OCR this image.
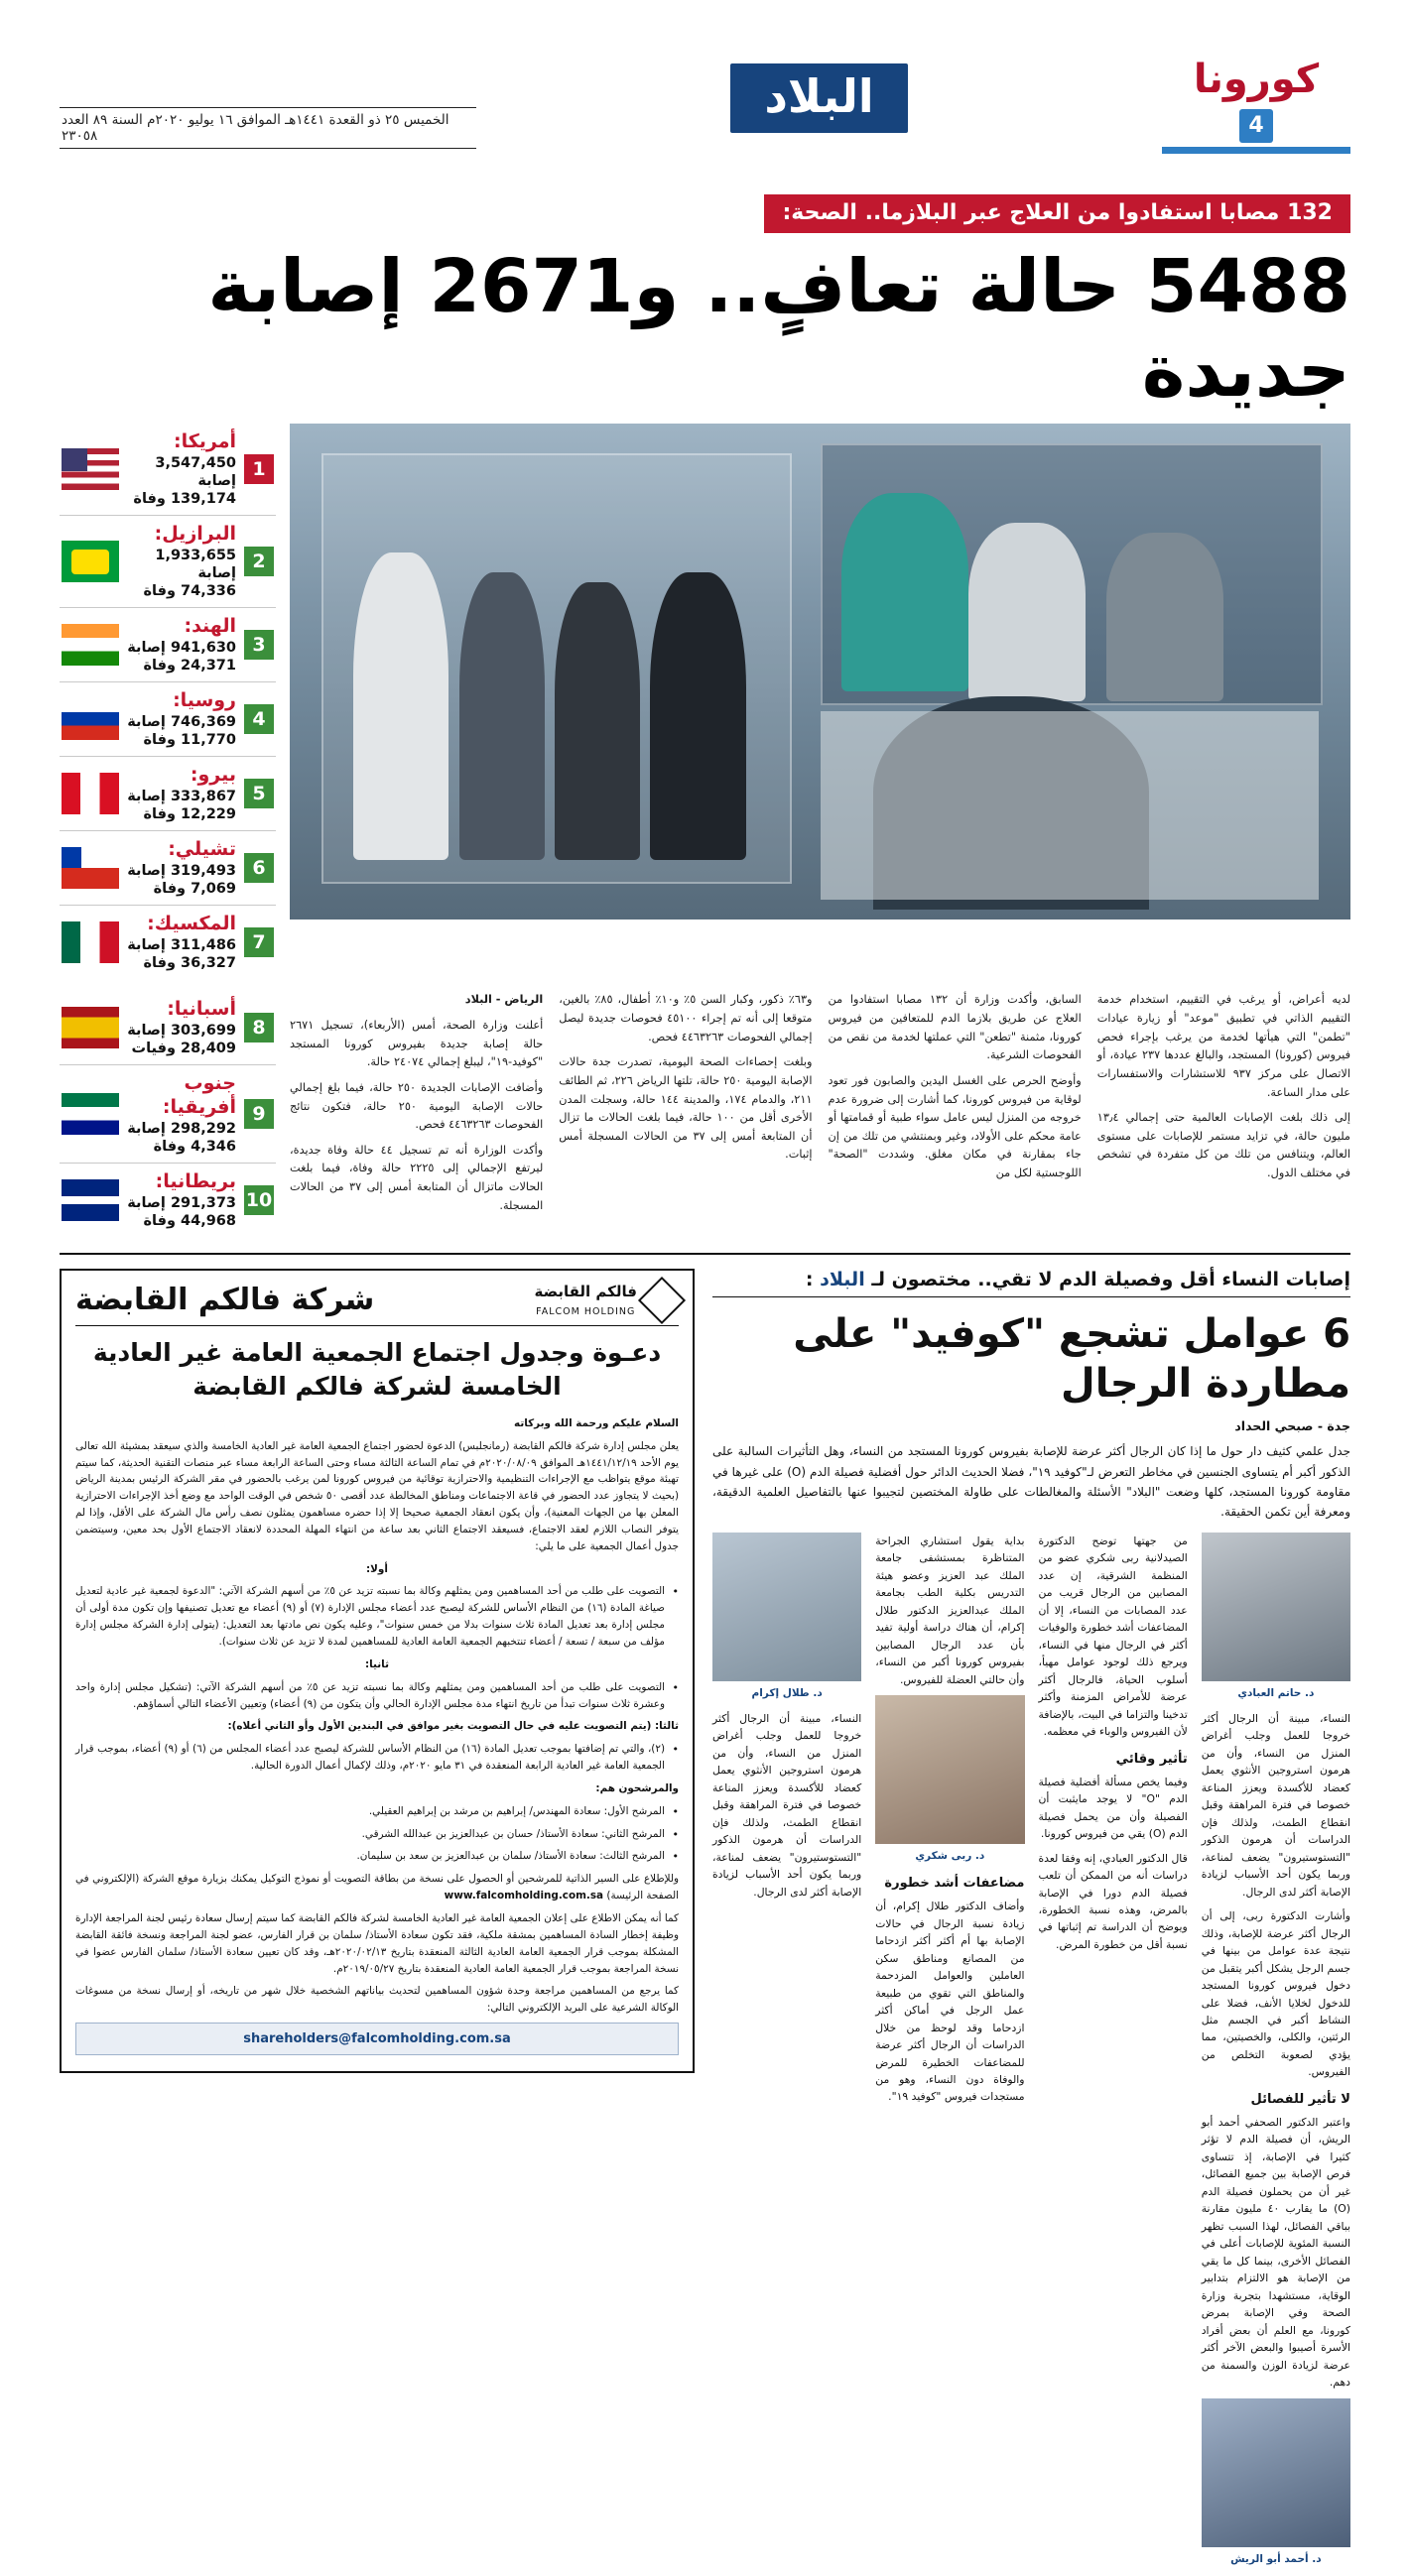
كورونا
4
البلاد
الخميس ٢٥ ذو القعدة ١٤٤١هـ الموافق ١٦ يوليو ٢٠٢٠م السنة ٨٩ العدد ٢٣٠٥٨
132 مصابا استفادوا من العلاج عبر البلازما.. الصحة:
5488 حالة تعافٍ.. و2671 إصابة جديدة
1
أمريكا:
3,547,450 إصابة
139,174 وفاة
2
البرازيل:
1,933,655 إصابة
74,336 وفاة
3
الهند:
941,630 إصابة
24,371 وفاة
4
روسيا:
746,369 إصابة
11,770 وفاة
5
بيرو:
333,867 إصابة
12,229 وفاة
6
تشيلي:
319,493 إصابة
7,069 وفاة
7
المكسيك:
311,486 إصابة
36,327 وفاة

لديه أعراض، أو يرغب في التقييم، استخدام خدمة التقييم الذاتي في تطبيق "موعد" أو زيارة عيادات "تطمن" التي هيأتها لخدمة من يرغب بإجراء فحص فيروس (كورونا) المستجد، والبالغ عددها ٢٣٧ عيادة، أو الاتصال على مركز ٩٣٧ للاستشارات والاستفسارات على مدار الساعة.

إلى ذلك بلغت الإصابات العالمية حتى إجمالي ١٣٫٤ مليون حالة، في تزايد مستمر للإصابات على مستوى العالم، ويتنافس من تلك من كل متفردة في تشخص في مختلف الدول.

السابق، وأكدت وزارة أن ١٣٢ مصابا استفادوا من العلاج عن طريق بلازما الدم للمتعافين من فيروس كورونا، مثمنة "تطعن" التي عملتها لخدمة من نقص من الفحوصات الشرعية.

وأوضح الحرص على الغسل اليدين والصابون فور تعود لوقاية من فيروس كورونا، كما أشارت إلى ضرورة عدم خروجه من المنزل ليس عامل سواء طبية أو قمامتها أو عامة محكم على الأولاد، وغير وبمنتشي من تلك من إن جاء بمقارنة في مكان مغلق. وشددت "الصحة" اللوجستية لكل من

و٦٣٪ ذكور، وكبار السن ٥٪ و١٠٪ أطفال، ٨٥٪ بالغين، متوقعا إلى أنه تم إجراء ٤٥١٠٠ فحوصات جديدة ليصل إجمالي الفحوصات ٤٤٦٣٢٦٣ فحص.

وبلغت إحصاءات الصحة اليومية، تصدرت جدة حالات الإصابة اليومية ٢٥٠ حالة، تلتها الرياض ٢٢٦، ثم الطائف ٢١١، والدمام ١٧٤، والمدينة ١٤٤ حالة، وسجلت المدن الأخرى أقل من ١٠٠ حالة، فيما بلغت الحالات ما تزال أن المتابعة أمس إلى ٣٧ من الحالات المسجلة أمس إثبات.

الرياض - البلاد

أعلنت وزارة الصحة، أمس (الأربعاء)، تسجيل ٢٦٧١ حالة إصابة جديدة بفيروس كورونا المستجد "كوفيد-١٩"، ليبلغ إجمالي ٢٤٠٧٤ حالة.

وأضافت الإصابات الجديدة ٢٥٠ حالة، فيما بلغ إجمالي حالات الإصابة اليومية ٢٥٠ حالة، فتكون نتائج الفحوصات ٤٤٦٣٢٦٣ فحص.

وأكدت الوزارة أنه تم تسجيل ٤٤ حالة وفاة جديدة، ليرتفع الإجمالي إلى ٢٢٢٥ حالة وفاة، فيما بلغت الحالات ماتزال أن المتابعة أمس إلى ٣٧ من الحالات المسجلة.

8
أسبانيا:
303,699 إصابة
28,409 وفيات
9
جنوب أفريقيا:
298,292 إصابة
4,346 وفاة
10
بريطانيا:
291,373 إصابة
44,968 وفاة
إصابات النساء أقل وفصيلة الدم لا تقي.. مختصون لـ البلاد :
6 عوامل تشجع "كوفيد" على مطاردة الرجال
جدة - صبحي الحداد
جدل علمي كثيف دار حول ما إذا كان الرجال أكثر عرضة للإصابة بفيروس كورونا المستجد من النساء، وهل التأثيرات السالبة على الذكور أكبر أم يتساوى الجنسين في مخاطر التعرض لـ"كوفيد ١٩"، فضلا الحديث الدائر حول أفضلية فصيلة الدم (O) على غيرها في مقاومة كورونا المستجد، كلها وضعت "البلاد" الأسئلة والمغالطات على طاولة المختصين لتجيبوا عنها بالتفاصيل العلمية الدقيقة، ومعرفة أين تكمن الحقيقة.
د. حاتم العبادي

النساء، مبينة أن الرجال أكثر خروجا للعمل وجلب أغراض المنزل من النساء، وأن من هرمون استروجين الأنثوي يعمل كعضاد للأكسدة ويعزز المناعة خصوصا في فترة المراهقة وقبل انقطاع الطمث، ولذلك فإن الدراسات أن هرمون الذكور "التستوستيرون" يضعف لمناعة، وربما يكون أحد الأسباب لزيادة الإصابة أكثر لدى الرجال.

وأشارت الدكتورة ربى، إلى أن الرجال أكثر عرضة للإصابة، وذلك نتيجة عدة عوامل من بينها في جسم الرجل يشكل أكبر يتقبل من دخول فيروس كورونا المستجد للدخول لخلايا الأنف، فضلا على النشاط أكبر في الجسم مثل الرئتين، والكلى، والخصيتين، مما يؤدي لصعوبة التخلص من الفيروس.

لا تأثير للفصائل

واعتبر الدكتور الصحفي أحمد أبو الريش، أن فصيلة الدم لا تؤثر كثيرا في الإصابة، إذ تتساوى فرص الإصابة بين جميع الفصائل، غير أن من يحملون فصيلة الدم (O) ما يقارب ٤٠ مليون مقارنة بباقي الفصائل، لهذا السبب تظهر النسبة المئوية للإصابات أعلى في الفصائل الأخرى، بينما كل ما يقي من الإصابة هو الالتزام بتدابير الوقاية، مستشهدا بتجربة وزارة الصحة وفي الإصابة بمرض كورونا، مع العلم أن بعض أفراد الأسرة أصيبوا والبعض الآخر أكثر عرضة لزيادة الوزن والسمنة من دهم.

د. أحمد أبو الريش

من جهتها توضح الدكتورة الصيدلانية ربى شكري عضو من المنظمة الشرقية، إن عدد المصابين من الرجال قريب من عدد المصابات من النساء، إلا أن المضاعفات أشد خطورة والوفيات أكثر في الرجال منها في النساء، ويرجع ذلك لوجود عوامل مهيأ، أسلوب الحياة، فالرجال أكثر عرضة للأمراض المزمنة وأكثر تدخينا والتزاما في البيت، بالإضافة لأن الفيروس والوباء في معظمه.

تأثير وقائي

وفيما يخص مسألة أفضلية فصيلة الدم "O" لا يوجد مايثبت أن الفصيلة وأن من يحمل فصيلة الدم (O) يقي من فيروس كورونا.

قال الدكتور العبادي، إنه وفقا لعدة دراسات أنه من الممكن أن تلعب فصيلة الدم دورا في الإصابة بالمرض، وهذه نسبة الخطورة، ويوضح أن الدراسة تم إثباتها في نسبة أقل من خطورة المرض.

بداية يقول استشاري الجراحة المتناظرة بمستشفى جامعة الملك عبد العزيز وعضو هيئة التدريس بكلية الطب بجامعة الملك عبدالعزيز الدكتور طلال إكرام، أن هناك دراسة أولية تفيد بأن عدد الرجال المصابين بفيروس كورونا أكبر من النساء، وأن حالتي العضلة للفيروس.

د. ربى شكري
مضاعفات أشد خطورة

وأضاف الدكتور طلال إكرام، أن زيادة نسبة الرجال في حالات الإصابة بها أم أكثر أكثر ازدحاما من المصانع ومناطق سكن العاملين والعوامل المزدحمة والمناطق التي تقوي من طبيعة عمل الرجل في أماكن أكثر ازدحاما وقد لوحظ من خلال الدراسات أن الرجال أكثر عرضة للمضاعفات الخطيرة للمرض والوفاة دون النساء، وهو من مستجدات فيروس "كوفيد ١٩".

د. طلال إكرام

النساء، مبينة أن الرجال أكثر خروجا للعمل وجلب أغراض المنزل من النساء، وأن من هرمون استروجين الأنثوي يعمل كعضاد للأكسدة ويعزز المناعة خصوصا في فترة المراهقة وقبل انقطاع الطمث، ولذلك فإن الدراسات أن هرمون الذكور "التستوستيرون" يضعف لمناعة، وربما يكون أحد الأسباب لزيادة الإصابة أكثر لدى الرجال.

فالكم القابضة
FALCOM HOLDING
شركة فالكم القابضة
دعـوة وجدول اجتماع الجمعية العامة غير العادية
الخامسة لشركة فالكم القابضة

السلام عليكم ورحمة الله وبركاته

يعلن مجلس إدارة شركة فالكم القابضة (رمانجلبس) الدعوة لحضور اجتماع الجمعية العامة غير العادية الخامسة والذي سيعقد بمشيئة الله تعالى يوم الأحد ١٤٤١/١٢/١٩هـ الموافق ٢٠٢٠/٠٨/٠٩م في تمام الساعة الثالثة مساء وحتى الساعة الرابعة مساء عبر منصات التقنية الحديثة، كما سيتم تهيئة موقع يتواظب مع الإجراءات التنظيمية والاحترازية توقائية من فيروس كورونا لمن يرغب بالحضور في مقر الشركة الرئيس بمدينة الرياض (بحيث لا يتجاوز عدد الحضور في قاعة الاجتماعات ومناطق المخالطة عدد أقصى ٥٠ شخص في الوقت الواحد مع وضع أخذ الإجراءات الاحترازية المعلن بها من الجهات المعنية)، وأن يكون انعقاد الجمعية صحيحا إلا إذا حضره مساهمون يمثلون نصف رأس مال الشركة على الأقل، وإذا لم يتوفر النصاب اللازم لعقد الاجتماع، فسيعقد الاجتماع الثاني بعد ساعة من انتهاء المهلة المحددة لانعقاد الاجتماع الأول بحد معين، وسيتضمن جدول أعمال الجمعية على ما يلي:

أولا:

• التصويت على طلب من أحد المساهمين ومن يمثلهم وكالة بما نسبته تزيد عن ٥٪ من أسهم الشركة الآتي: "الدعوة لجمعية غير عادية لتعديل صياغة المادة (١٦) من النظام الأساس للشركة ليصبح عدد أعضاء مجلس الإدارة (٧) أو (٩) أعضاء مع تعديل تصنيفها وإن تكون مدة أولى أن مجلس إدارة بعد تعديل المادة ثلاث سنوات بدلا من خمس سنوات"، وعليه يكون نص مادتها بعد التعديل: (يتولى إدارة الشركة مجلس إدارة مؤلف من سبعة / تسعة / أعضاء تنتخبهم الجمعية العامة العادية للمساهمين لمدة لا تزيد عن ثلاث سنوات).

ثانيا:

• التصويت على طلب من أحد المساهمين ومن يمثلهم وكالة بما نسبته تزيد عن ٥٪ من أسهم الشركة الآتي: (تشكيل مجلس إدارة واحد وعشرة ثلاث سنوات تبدأ من تاريخ انتهاء مدة مجلس الإدارة الحالي وأن يتكون من (٩) أعضاء) وتعيين الأعضاء التالي أسماؤهم.

ثالثا: (يتم التصويت عليه في حال التصويت بغير موافق في البندين الأول وأو الثاني أعلاه):

• (٢)، والتي تم إضافتها بموجب تعديل المادة (١٦) من النظام الأساس للشركة ليصبح عدد أعضاء المجلس من (٦) أو (٩) أعضاء، بموجب قرار الجمعية العامة غير العادية الرابعة المنعقدة في ٣١ مايو ٢٠٢٠م، وذلك لإكمال أعمال الدورة الحالية.

والمرشحون هم:

• المرشح الأول: سعادة المهندس/ إبراهيم بن مرشد بن إبراهيم العقيلي.

• المرشح الثاني: سعادة الأستاذ/ حسان بن عبدالعزيز بن عبدالله الشرقي.

• المرشح الثالث: سعادة الأستاذ/ سلمان بن عبدالعزيز بن سعد بن سليمان.

وللإطلاع على السير الذاتية للمرشحين أو الحصول على نسخة من بطاقة التصويت أو نموذج التوكيل يمكنك بزيارة موقع الشركة (الإلكتروني في الصفحة الرئيسة) www.falcomholding.com.sa

كما أنه يمكن الاطلاع على إعلان الجمعية العامة غير العادية الخامسة لشركة فالكم القابضة كما سيتم إرسال سعادة رئيس لجنة المراجعة الإدارة وظيفة إخطار السادة المساهمين بمشقة ملكية، فقد تكون سعادة الأستاذ/ سلمان بن قرار الفارس، عضو لجنة المراجعة ونسخة فائقة القابضة المشكلة بموجب قرار الجمعية العامة العادية الثالثة المنعقدة بتاريخ ٢٠٢٠/٠٢/١٣هـ، وقد كان تعيين سعادة الأستاذ/ سلمان الفارس عضوا في نسخة المراجعة بموجب قرار الجمعية العامة العادية المنعقدة بتاريخ ٢٠١٩/٠٥/٢٧م.

كما يرجع من المساهمين مراجعة وحدة شؤون المساهمين لتحديث بياناتهم الشخصية خلال شهر من تاريخه، أو إرسال نسخة من مسوغات الوكالة الشرعية على البريد الإلكتروني التالي:

shareholders@falcomholding.com.sa
